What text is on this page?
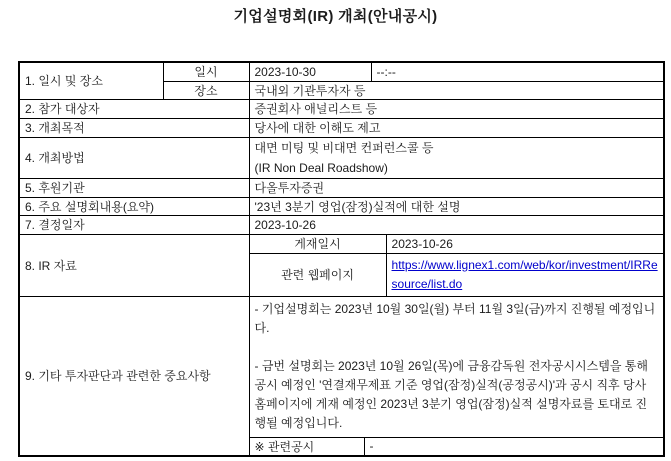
기업설명회(IR) 개최(안내공시)
1. 일시 및 장소	일시	2023-10-30		--:--	
	장소	국내외 기관투자자 등			
2. 참가 대상자		증권회사 애널리스트 등			
3. 개최목적		당사에 대한 이해도 제고			
4. 개최방법		대면 미팅 및 비대면 컨퍼런스콜 등
(IR Non Deal Roadshow)			

5. 후원기관		다올투자증권			
6. 주요 설명회내용(요약)		'23년 3분기 영업(잠정)실적에 대한 설명			
7. 결정일자		2023-10-26			
8. IR 자료		게재일시			2023-10-26
		관련 웹페이지			https://www.lignex1.com/web/kor/investment/IRResource/list.do
9. 기타 투자판단과 관련한 중요사항		- 기업설명회는 2023년 10월 30일(월) 부터 11월 3일(금)까지 진행될 예정입니다.

- 금번 설명회는 2023년 10월 26일(목)에 금융감독원 전자공시시스템을 통해 공시 예정인 '연결재무제표 기준 영업(잠정)실적(공정공시)'과 공시 직후 당사 홈페이지에 게재 예정인 2023년 3분기 영업(잠정)실적 설명자료를 토대로 진행될 예정입니다.			

		※ 관련공시	-		
